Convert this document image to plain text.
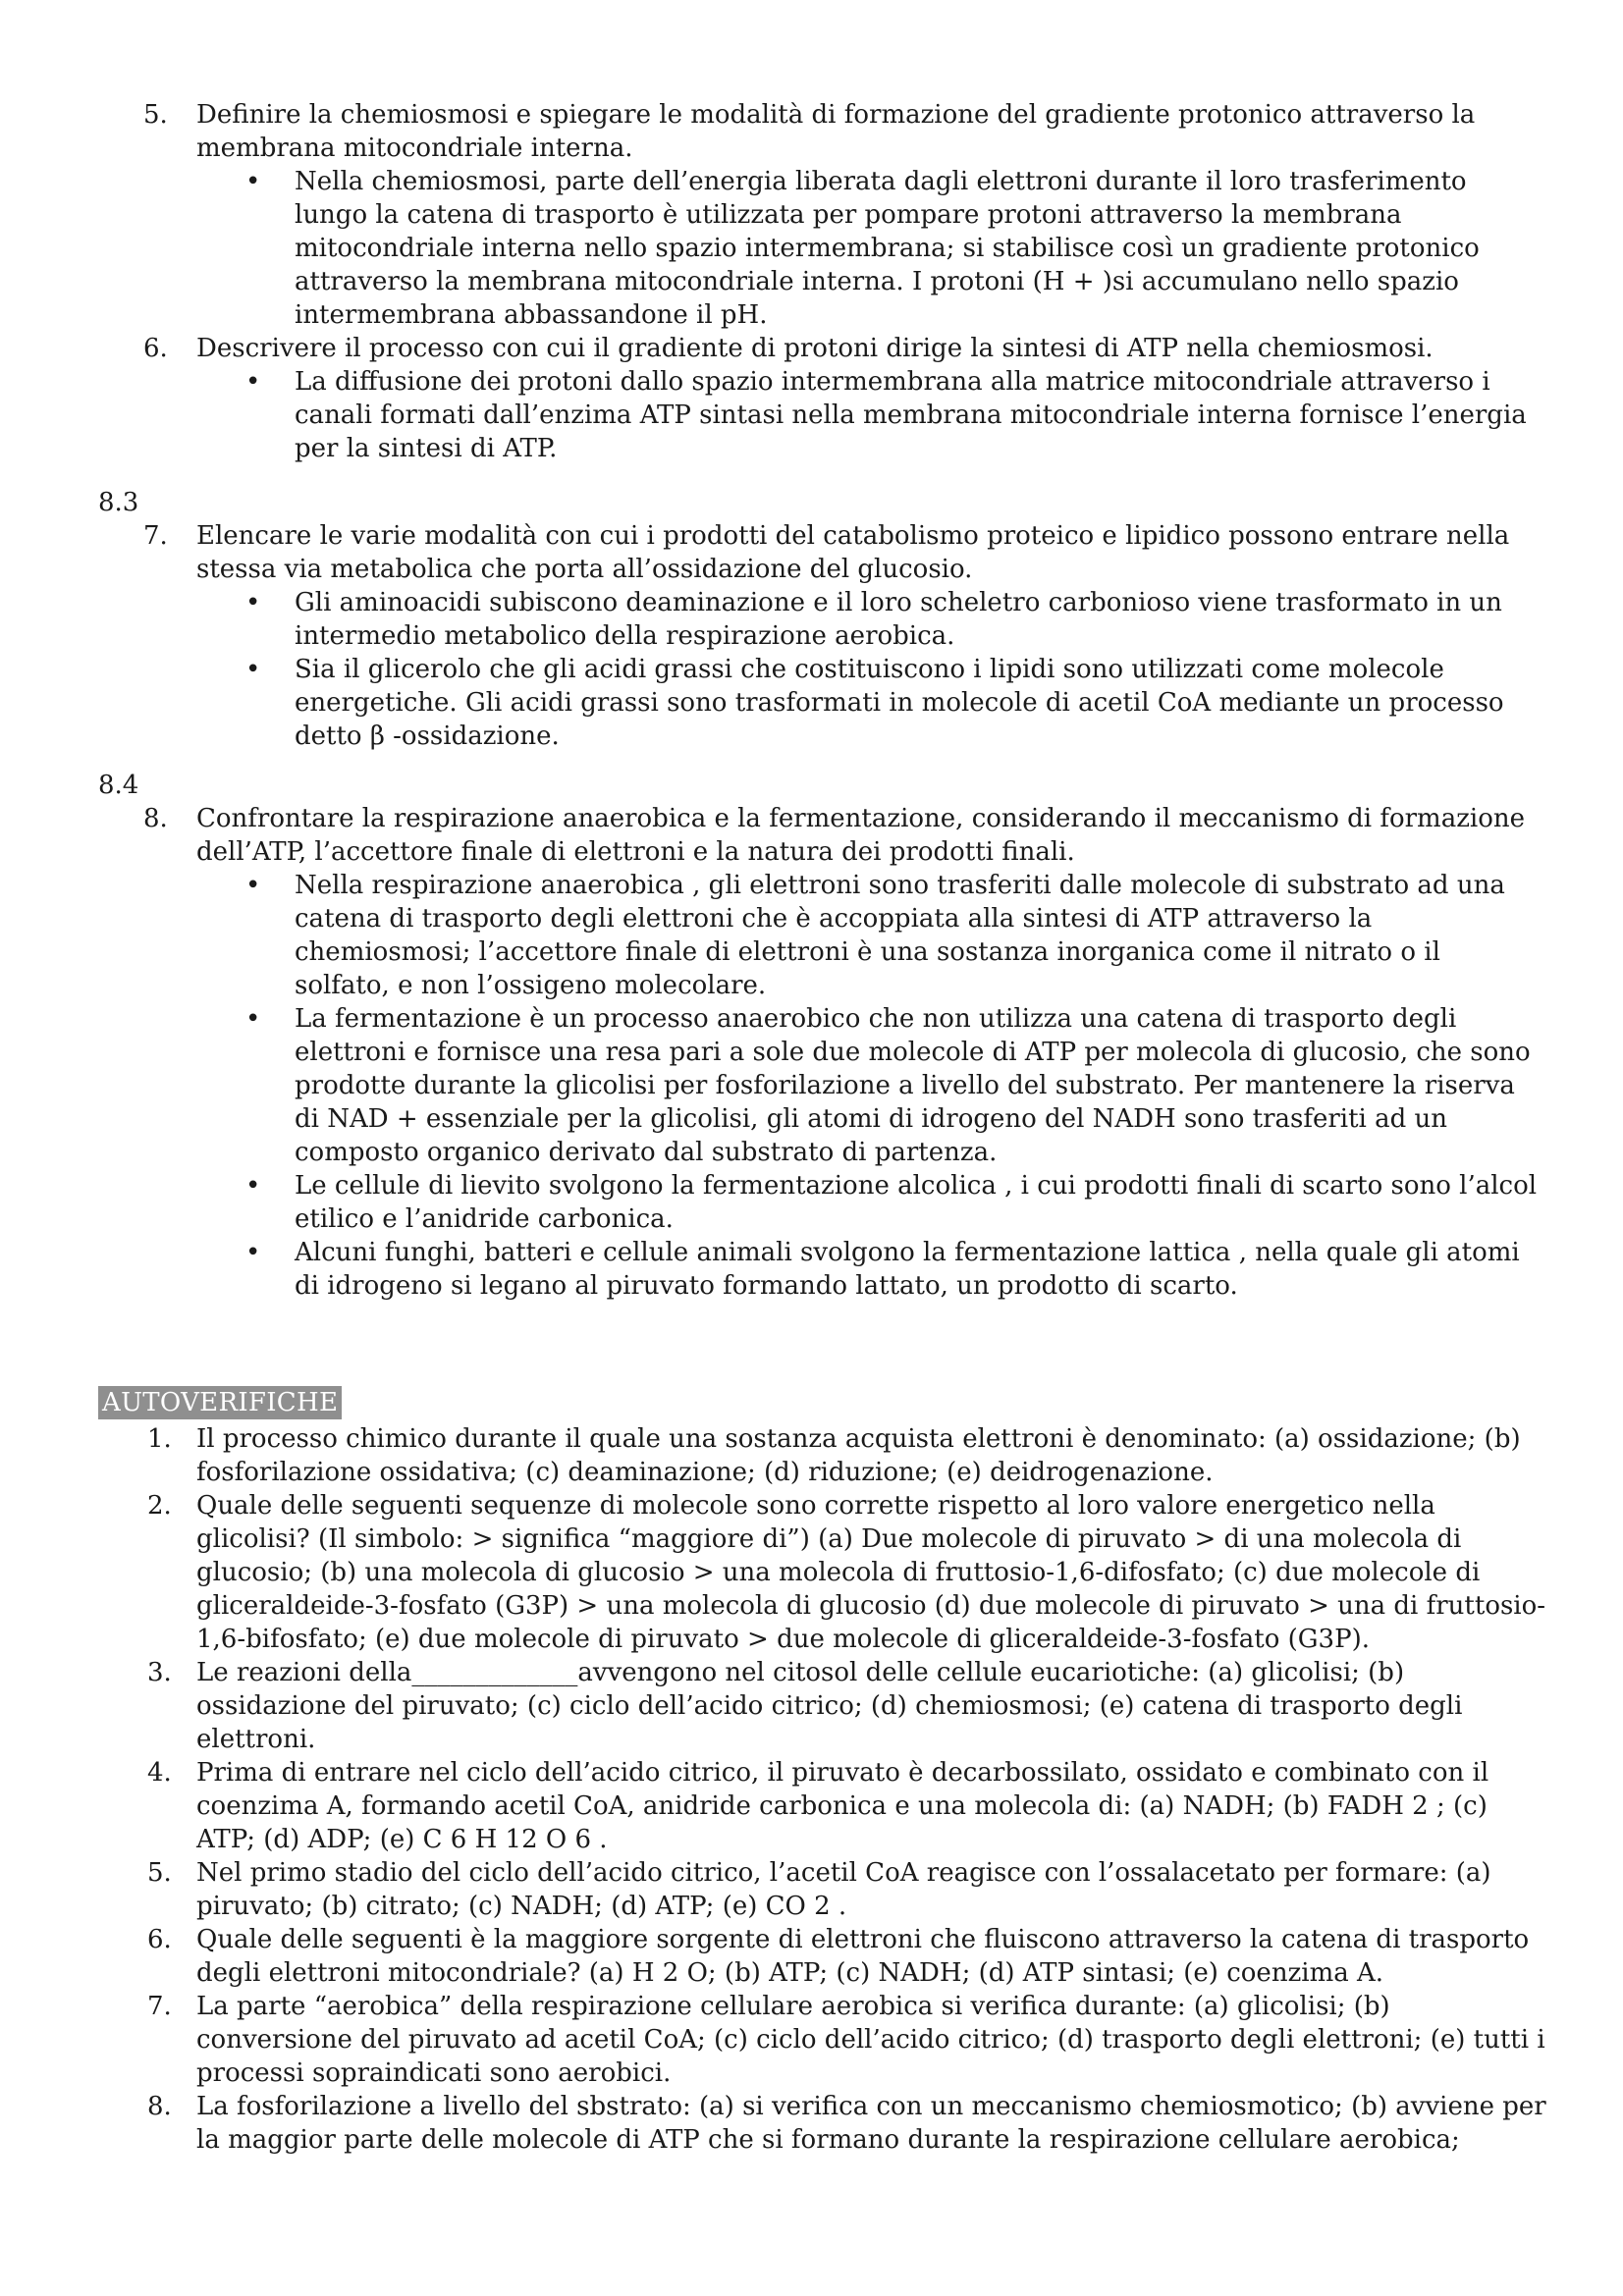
5. Definire la chemiosmosi e spiegare le modalità di formazione del gradiente protonico attraverso la membrana mitocondriale interna.
• Nella chemiosmosi, parte dell’energia liberata dagli elettroni durante il loro trasferimento lungo la catena di trasporto è utilizzata per pompare protoni attraverso la membrana mitocondriale interna nello spazio intermembrana; si stabilisce così un gradiente protonico attraverso la membrana mitocondriale interna. I protoni (H + )si accumulano nello spazio intermembrana abbassandone il pH.
6. Descrivere il processo con cui il gradiente di protoni dirige la sintesi di ATP nella chemiosmosi.
• La diffusione dei protoni dallo spazio intermembrana alla matrice mitocondriale attraverso i canali formati dall’enzima ATP sintasi nella membrana mitocondriale interna fornisce l’energia per la sintesi di ATP.
8.3
7. Elencare le varie modalità con cui i prodotti del catabolismo proteico e lipidico possono entrare nella stessa via metabolica che porta all’ossidazione del glucosio.
• Gli aminoacidi subiscono deaminazione e il loro scheletro carbonioso viene trasformato in un intermedio metabolico della respirazione aerobica.
• Sia il glicerolo che gli acidi grassi che costituiscono i lipidi sono utilizzati come molecole energetiche. Gli acidi grassi sono trasformati in molecole di acetil CoA mediante un processo detto β -ossidazione.
8.4
8. Confrontare la respirazione anaerobica e la fermentazione, considerando il meccanismo di formazione dell’ATP, l’accettore finale di elettroni e la natura dei prodotti finali.
• Nella respirazione anaerobica , gli elettroni sono trasferiti dalle molecole di substrato ad una catena di trasporto degli elettroni che è accoppiata alla sintesi di ATP attraverso la chemiosmosi; l’accettore finale di elettroni è una sostanza inorganica come il nitrato o il solfato, e non l’ossigeno molecolare.
• La fermentazione è un processo anaerobico che non utilizza una catena di trasporto degli elettroni e fornisce una resa pari a sole due molecole di ATP per molecola di glucosio, che sono prodotte durante la glicolisi per fosforilazione a livello del substrato. Per mantenere la riserva di NAD + essenziale per la glicolisi, gli atomi di idrogeno del NADH sono trasferiti ad un composto organico derivato dal substrato di partenza.
• Le cellule di lievito svolgono la fermentazione alcolica , i cui prodotti finali di scarto sono l’alcol etilico e l’anidride carbonica.
• Alcuni funghi, batteri e cellule animali svolgono la fermentazione lattica , nella quale gli atomi di idrogeno si legano al piruvato formando lattato, un prodotto di scarto.
AUTOVERIFICHE
1. Il processo chimico durante il quale una sostanza acquista elettroni è denominato: (a) ossidazione; (b) fosforilazione ossidativa; (c) deaminazione; (d) riduzione; (e) deidrogenazione.
2. Quale delle seguenti sequenze di molecole sono corrette rispetto al loro valore energetico nella glicolisi? (Il simbolo: > significa “maggiore di”) (a) Due molecole di piruvato > di una molecola di glucosio; (b) una molecola di glucosio > una molecola di fruttosio-1,6-difosfato; (c) due molecole di gliceraldeide-3-fosfato (G3P) > una molecola di glucosio (d) due molecole di piruvato > una di fruttosio-1,6-bifosfato; (e) due molecole di piruvato > due molecole di gliceraldeide-3-fosfato (G3P).
3. Le reazioni della_____________avvengono nel citosol delle cellule eucariotiche: (a) glicolisi; (b) ossidazione del piruvato; (c) ciclo dell’acido citrico; (d) chemiosmosi; (e) catena di trasporto degli elettroni.
4. Prima di entrare nel ciclo dell’acido citrico, il piruvato è decarbossilato, ossidato e combinato con il coenzima A, formando acetil CoA, anidride carbonica e una molecola di: (a) NADH; (b) FADH 2 ; (c) ATP; (d) ADP; (e) C 6 H 12 O 6 .
5. Nel primo stadio del ciclo dell’acido citrico, l’acetil CoA reagisce con l’ossalacetato per formare: (a) piruvato; (b) citrato; (c) NADH; (d) ATP; (e) CO 2 .
6. Quale delle seguenti è la maggiore sorgente di elettroni che fluiscono attraverso la catena di trasporto degli elettroni mitocondriale? (a) H 2 O; (b) ATP; (c) NADH; (d) ATP sintasi; (e) coenzima A.
7. La parte “aerobica” della respirazione cellulare aerobica si verifica durante: (a) glicolisi; (b) conversione del piruvato ad acetil CoA; (c) ciclo dell’acido citrico; (d) trasporto degli elettroni; (e) tutti i processi sopraindicati sono aerobici.
8. La fosforilazione a livello del sbstrato: (a) si verifica con un meccanismo chemiosmotico; (b) avviene per la maggior parte delle molecole di ATP che si formano durante la respirazione cellulare aerobica;
